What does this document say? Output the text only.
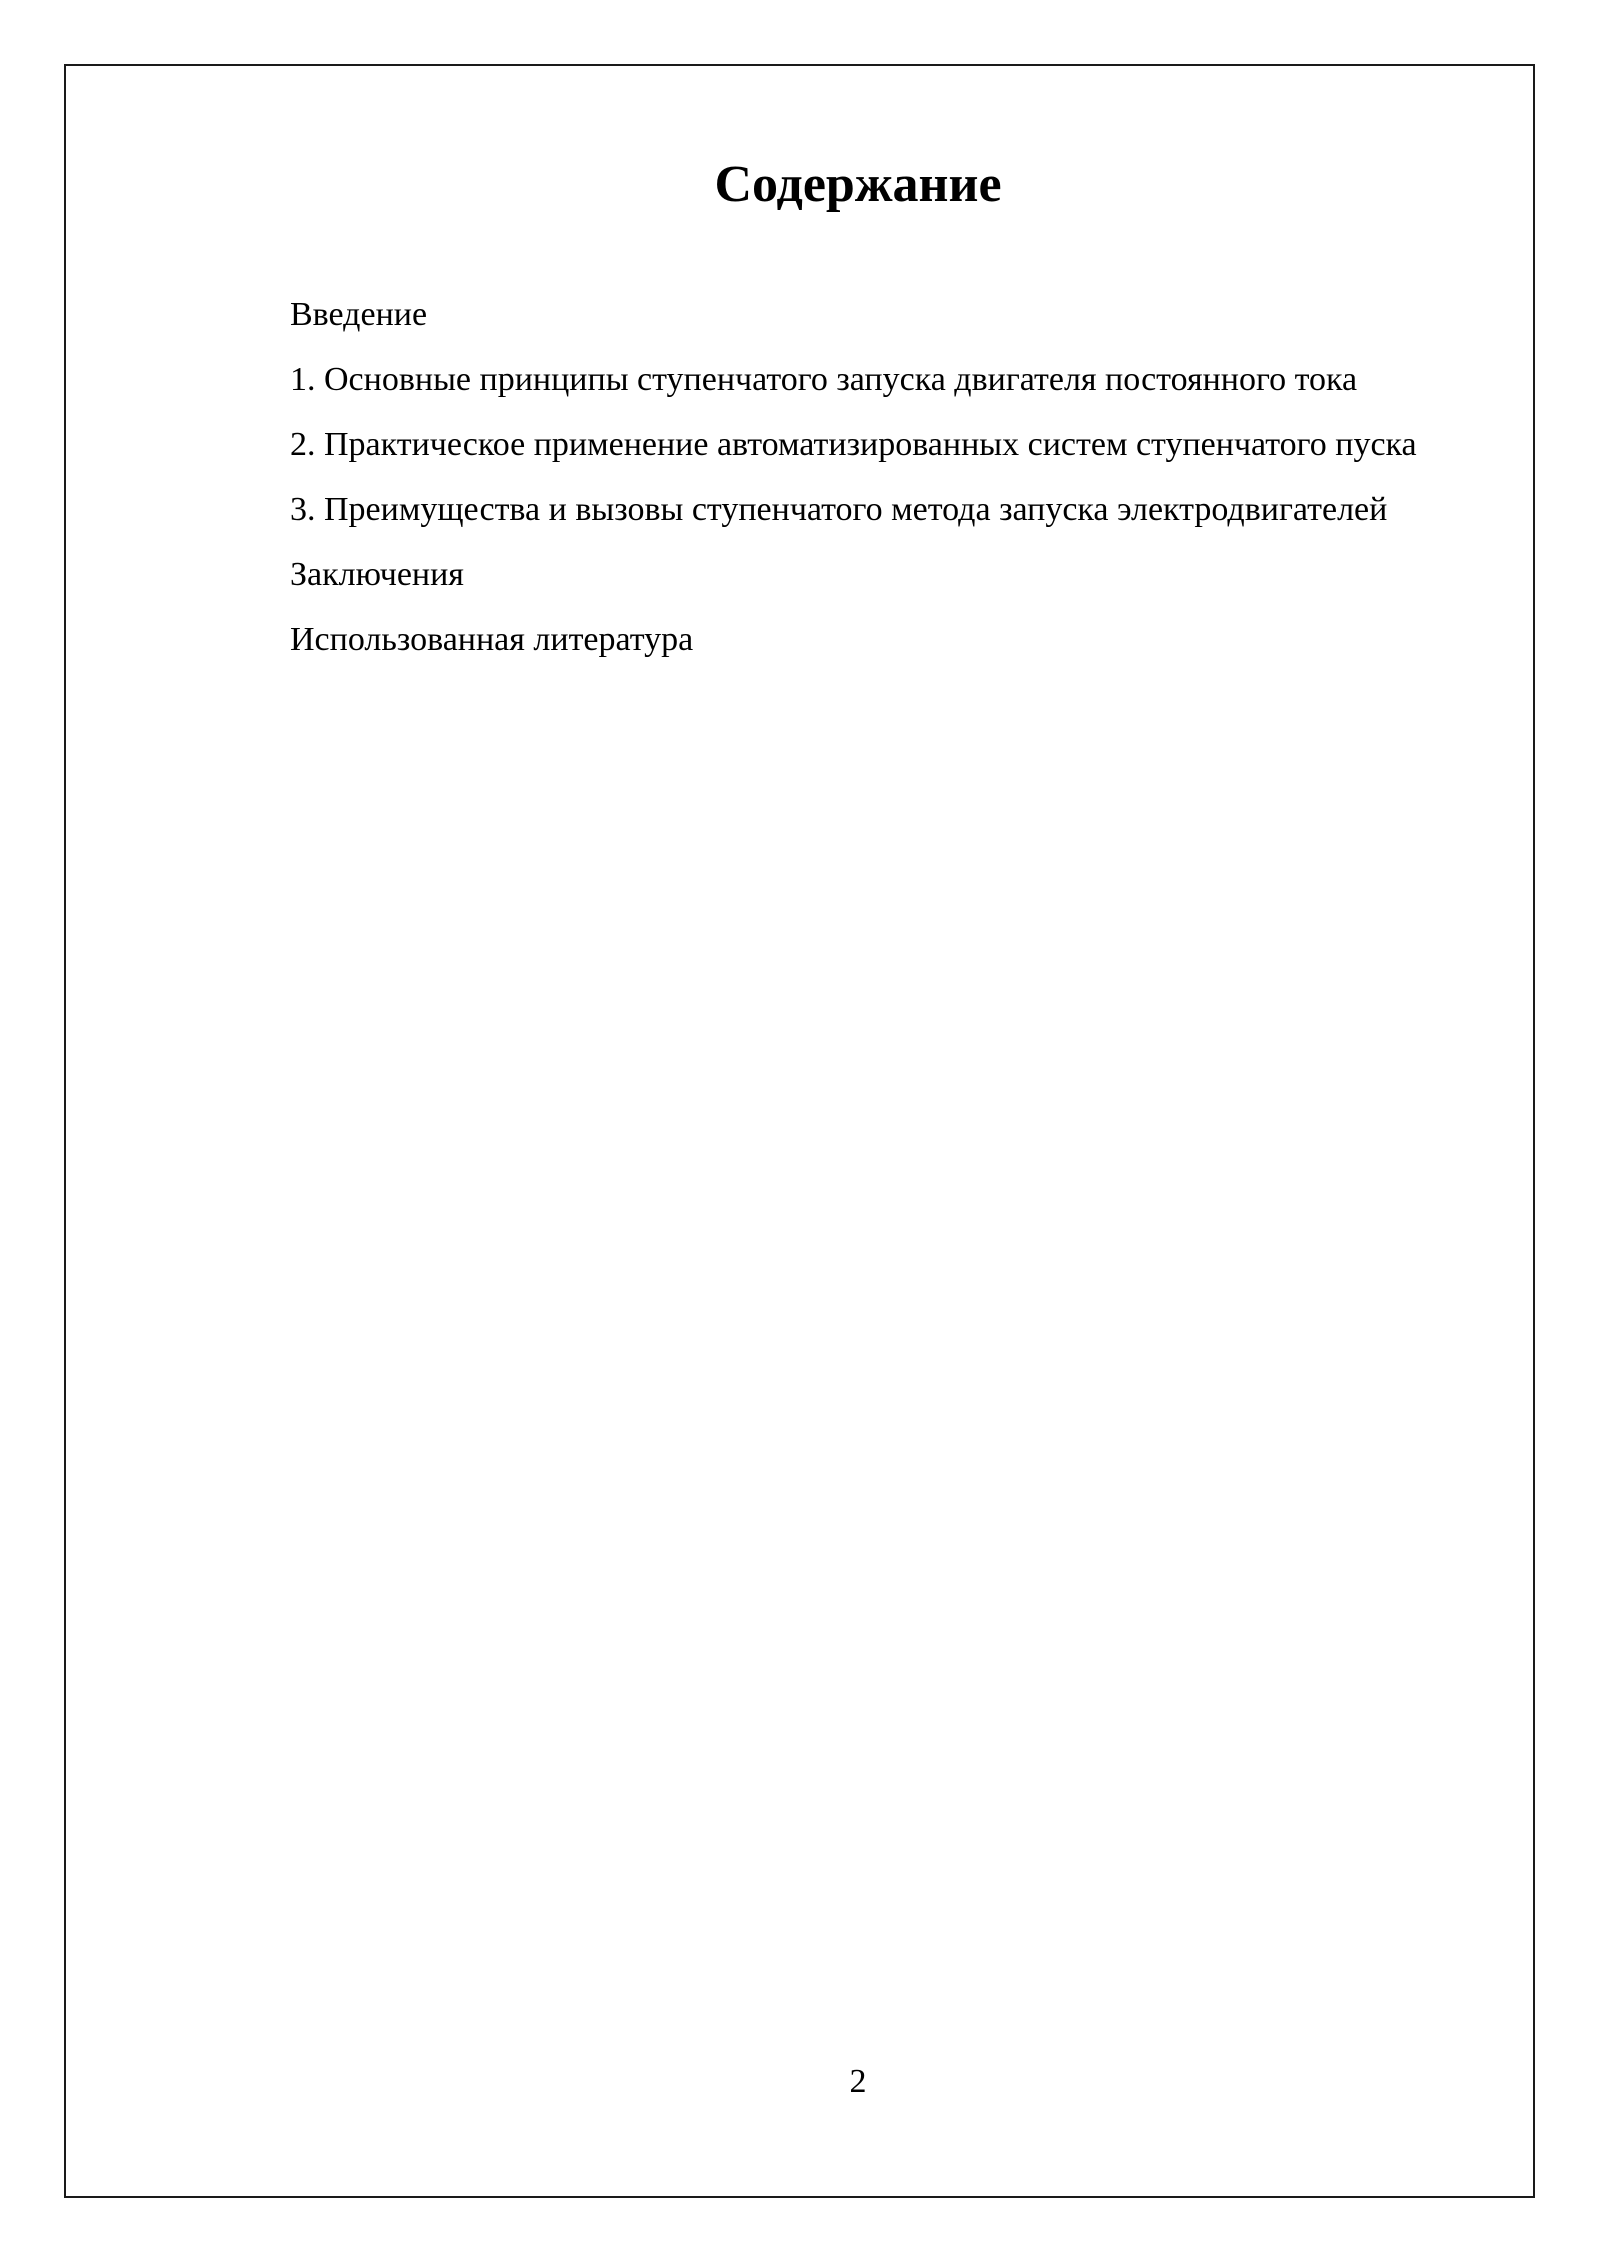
Содержание

Введение

1. Основные принципы ступенчатого запуска двигателя постоянного тока

2. Практическое применение автоматизированных систем ступенчатого пуска

3. Преимущества и вызовы ступенчатого метода запуска электродвигателей

Заключения

Использованная литература

2
